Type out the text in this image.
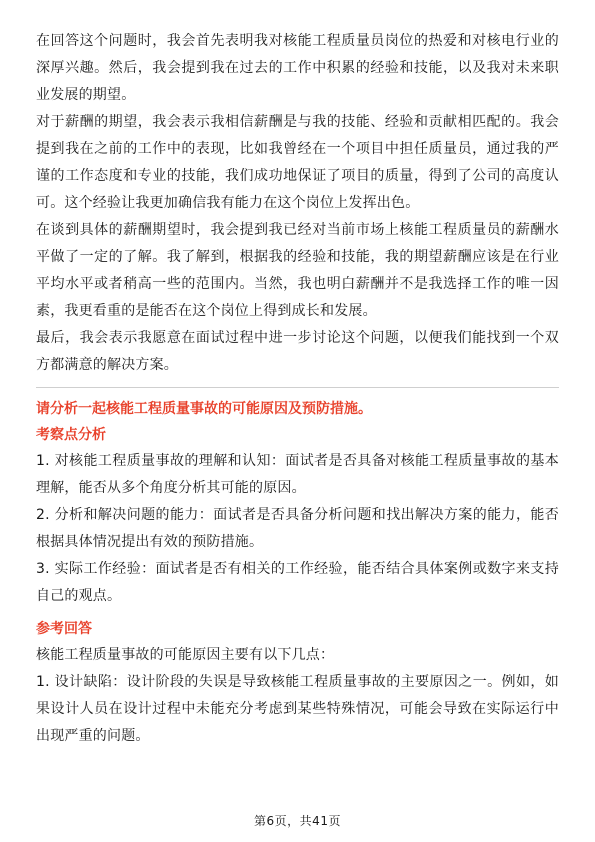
在回答这个问题时，我会首先表明我对核能工程质量员岗位的热爱和对核电行业的深厚兴趣。然后，我会提到我在过去的工作中积累的经验和技能，以及我对未来职业发展的期望。

对于薪酬的期望，我会表示我相信薪酬是与我的技能、经验和贡献相匹配的。我会提到我在之前的工作中的表现，比如我曾经在一个项目中担任质量员，通过我的严谨的工作态度和专业的技能，我们成功地保证了项目的质量，得到了公司的高度认可。这个经验让我更加确信我有能力在这个岗位上发挥出色。

在谈到具体的薪酬期望时，我会提到我已经对当前市场上核能工程质量员的薪酬水平做了一定的了解。我了解到，根据我的经验和技能，我的期望薪酬应该是在行业平均水平或者稍高一些的范围内。当然，我也明白薪酬并不是我选择工作的唯一因素，我更看重的是能否在这个岗位上得到成长和发展。

最后，我会表示我愿意在面试过程中进一步讨论这个问题，以便我们能找到一个双方都满意的解决方案。

请分析一起核能工程质量事故的可能原因及预防措施。

考察点分析

1. 对核能工程质量事故的理解和认知：面试者是否具备对核能工程质量事故的基本理解，能否从多个角度分析其可能的原因。

2. 分析和解决问题的能力：面试者是否具备分析问题和找出解决方案的能力，能否根据具体情况提出有效的预防措施。

3. 实际工作经验：面试者是否有相关的工作经验，能否结合具体案例或数字来支持自己的观点。

参考回答

核能工程质量事故的可能原因主要有以下几点：

1. 设计缺陷：设计阶段的失误是导致核能工程质量事故的主要原因之一。例如，如果设计人员在设计过程中未能充分考虑到某些特殊情况，可能会导致在实际运行中出现严重的问题。

第6页，共41页
